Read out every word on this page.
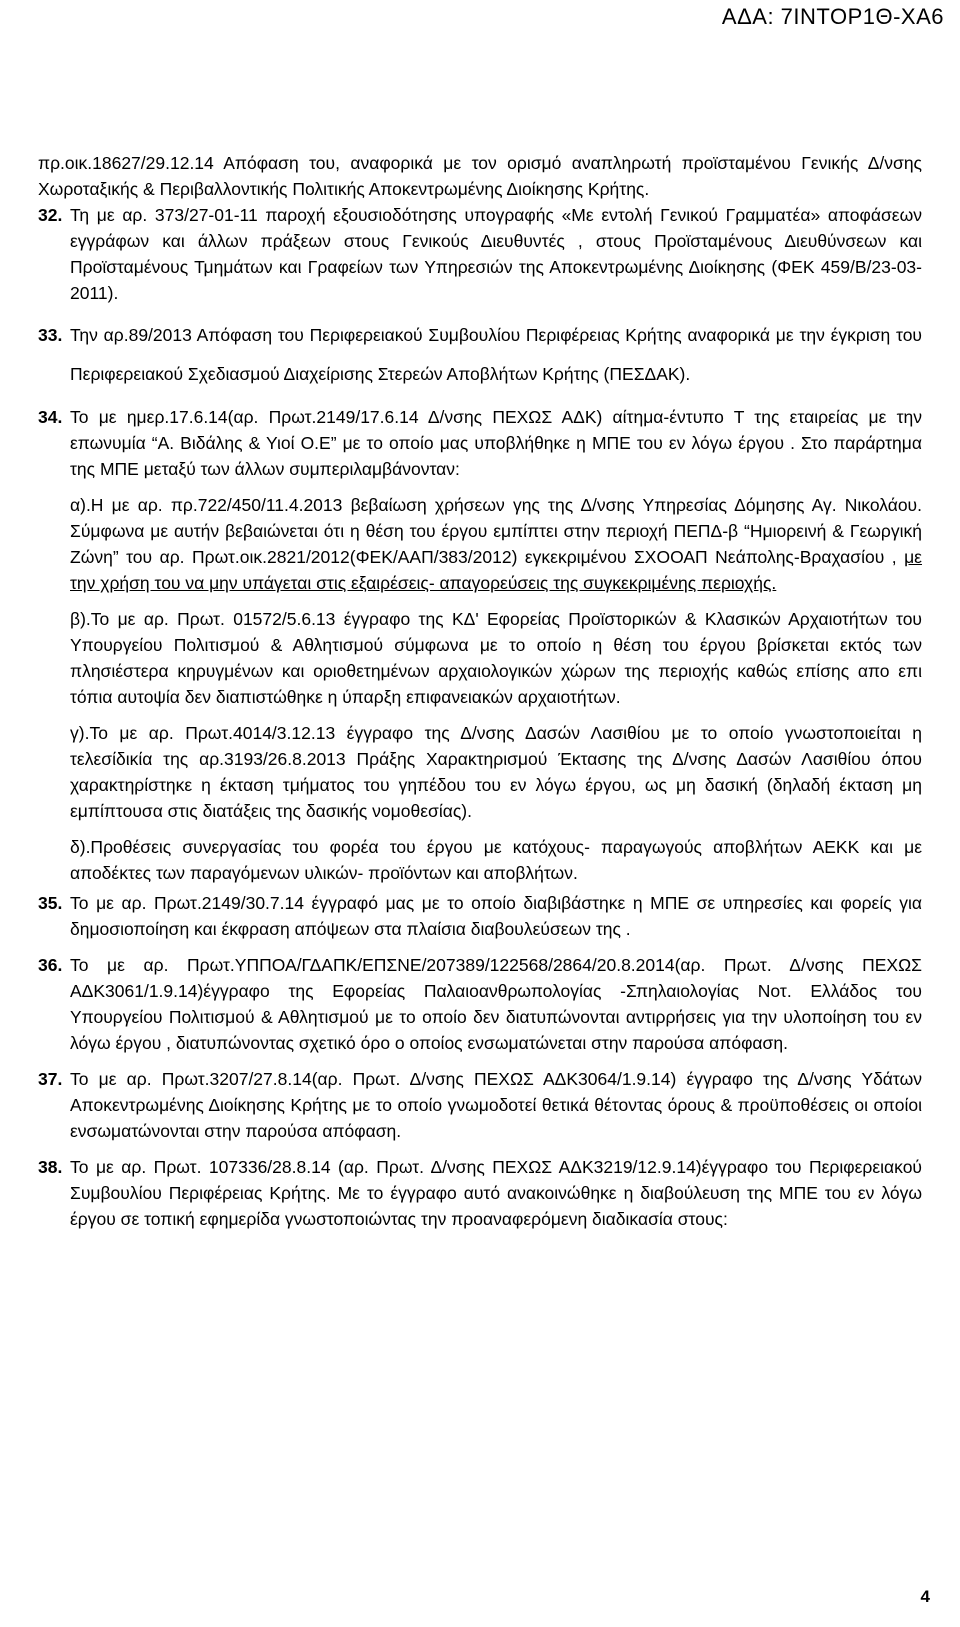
ΑΔΑ: 7ΙΝΤΟΡ1Θ-ΧΑ6

πρ.οικ.18627/29.12.14 Απόφαση του, αναφορικά με τον ορισμό αναπληρωτή προϊσταμένου Γενικής Δ/νσης Χωροταξικής & Περιβαλλοντικής Πολιτικής Αποκεντρωμένης Διοίκησης Κρήτης.

32. Τη με αρ. 373/27-01-11 παροχή εξουσιοδότησης υπογραφής «Με εντολή Γενικού Γραμματέα» αποφάσεων εγγράφων και άλλων πράξεων στους Γενικούς Διευθυντές , στους Προϊσταμένους Διευθύνσεων και Προϊσταμένους Τμημάτων και Γραφείων των Υπηρεσιών της Αποκεντρωμένης Διοίκησης (ΦΕΚ 459/Β/23-03-2011).
33. Την αρ.89/2013 Απόφαση του Περιφερειακού Συμβουλίου Περιφέρειας Κρήτης αναφορικά με την έγκριση του Περιφερειακού Σχεδιασμού Διαχείρισης Στερεών Αποβλήτων Κρήτης (ΠΕΣΔΑΚ).
34. Το με ημερ.17.6.14(αρ. Πρωτ.2149/17.6.14 Δ/νσης ΠΕΧΩΣ ΑΔΚ) αίτημα-έντυπο Τ της εταιρείας με την επωνυμία “Α. Βιδάλης & Υιοί Ο.Ε” με το οποίο μας υποβλήθηκε η ΜΠΕ του εν λόγω έργου . Στο παράρτημα της ΜΠΕ μεταξύ των άλλων συμπεριλαμβάνονταν:
α).Η με αρ. πρ.722/450/11.4.2013 βεβαίωση χρήσεων γης της Δ/νσης Υπηρεσίας Δόμησης Αγ. Νικολάου. Σύμφωνα με αυτήν βεβαιώνεται ότι η θέση του έργου εμπίπτει στην περιοχή ΠΕΠΔ-β “Ημιορεινή & Γεωργική Ζώνη” του αρ. Πρωτ.οικ.2821/2012(ΦΕΚ/ΑΑΠ/383/2012) εγκεκριμένου ΣΧΟΟΑΠ Νεάπολης-Βραχασίου , με την χρήση του να μην υπάγεται στις εξαιρέσεις- απαγορεύσεις της συγκεκριμένης περιοχής.
β).Το με αρ. Πρωτ. 01572/5.6.13 έγγραφο της ΚΔ' Εφορείας Προϊστορικών & Κλασικών Αρχαιοτήτων του Υπουργείου Πολιτισμού & Αθλητισμού σύμφωνα με το οποίο η θέση του έργου βρίσκεται εκτός των πλησιέστερα κηρυγμένων και οριοθετημένων αρχαιολογικών χώρων της περιοχής καθώς επίσης απο επι τόπια αυτοψία δεν διαπιστώθηκε η ύπαρξη επιφανειακών αρχαιοτήτων.
γ).Το με αρ. Πρωτ.4014/3.12.13 έγγραφο της Δ/νσης Δασών Λασιθίου με το οποίο γνωστοποιείται η τελεσίδικία της αρ.3193/26.8.2013 Πράξης Χαρακτηρισμού Έκτασης της Δ/νσης Δασών Λασιθίου όπου χαρακτηρίστηκε η έκταση τμήματος του γηπέδου του εν λόγω έργου, ως μη δασική (δηλαδή έκταση μη εμπίπτουσα στις διατάξεις της δασικής νομοθεσίας).
δ).Προθέσεις συνεργασίας του φορέα του έργου με κατόχους- παραγωγούς αποβλήτων ΑΕΚΚ και με αποδέκτες των παραγόμενων υλικών- προϊόντων και αποβλήτων.
35. Το με αρ. Πρωτ.2149/30.7.14 έγγραφό μας με το οποίο διαβιβάστηκε η ΜΠΕ σε υπηρεσίες και φορείς για δημοσιοποίηση και έκφραση απόψεων στα πλαίσια διαβουλεύσεων της .
36. Το με αρ. Πρωτ.ΥΠΠΟΑ/ΓΔΑΠΚ/ΕΠΣΝΕ/207389/122568/2864/20.8.2014(αρ. Πρωτ. Δ/νσης ΠΕΧΩΣ ΑΔΚ3061/1.9.14)έγγραφο της Εφορείας Παλαιοανθρωπολογίας -Σπηλαιολογίας Νοτ. Ελλάδος του Υπουργείου Πολιτισμού & Αθλητισμού με το οποίο δεν διατυπώνονται αντιρρήσεις για την υλοποίηση του εν λόγω έργου , διατυπώνοντας σχετικό όρο ο οποίος ενσωματώνεται στην παρούσα απόφαση.
37. Το με αρ. Πρωτ.3207/27.8.14(αρ. Πρωτ. Δ/νσης ΠΕΧΩΣ ΑΔΚ3064/1.9.14) έγγραφο της Δ/νσης Υδάτων Αποκεντρωμένης Διοίκησης Κρήτης με το οποίο γνωμοδοτεί θετικά θέτοντας όρους & προϋποθέσεις οι οποίοι ενσωματώνονται στην παρούσα απόφαση.
38. Το με αρ. Πρωτ. 107336/28.8.14 (αρ. Πρωτ. Δ/νσης ΠΕΧΩΣ ΑΔΚ3219/12.9.14)έγγραφο του Περιφερειακού Συμβουλίου Περιφέρειας Κρήτης. Με το έγγραφο αυτό ανακοινώθηκε η διαβούλευση της ΜΠΕ του εν λόγω έργου σε τοπική εφημερίδα γνωστοποιώντας την προαναφερόμενη διαδικασία στους:
4
